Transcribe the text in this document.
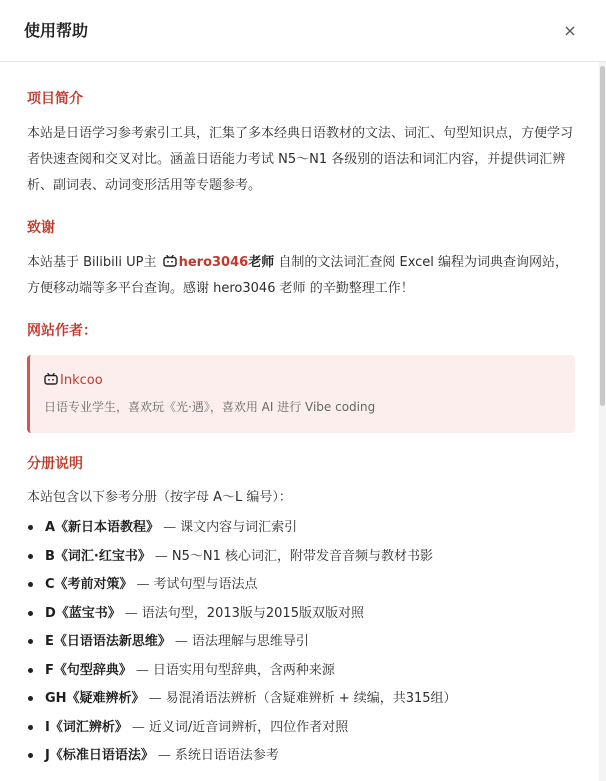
使用帮助	×
项目简介
本站是日语学习参考索引工具，汇集了多本经典日语教材的文法、词汇、句型知识点，方便学习者快速查阅和交叉对比。涵盖日语能力考试 N5～N1 各级别的语法和词汇内容，并提供词汇辨析、副词表、动词变形活用等专题参考。
致谢
本站基于 Bilibili UP主 hero3046老师 自制的文法词汇查阅 Excel 编程为词典查询网站，方便移动端等多平台查询。感谢 hero3046 老师 的辛勤整理工作！
网站作者：
Inkcoo
日语专业学生，喜欢玩《光·遇》，喜欢用 AI 进行 Vibe coding
分册说明
本站包含以下参考分册（按字母 A～L 编号）：
A《新日本语教程》 — 课文内容与词汇索引
B《词汇·红宝书》 — N5～N1 核心词汇，附带发音音频与教材书影
C《考前对策》 — 考试句型与语法点
D《蓝宝书》 — 语法句型，2013版与2015版双版对照
E《日语语法新思维》 — 语法理解与思维导引
F《句型辞典》 — 日语实用句型辞典，含两种来源
GH《疑难辨析》 — 易混淆语法辨析（含疑难辨析 + 续编，共315组）
I《词汇辨析》 — 近义词/近音词辨析，四位作者对照
J《标准日语语法》 — 系统日语语法参考
